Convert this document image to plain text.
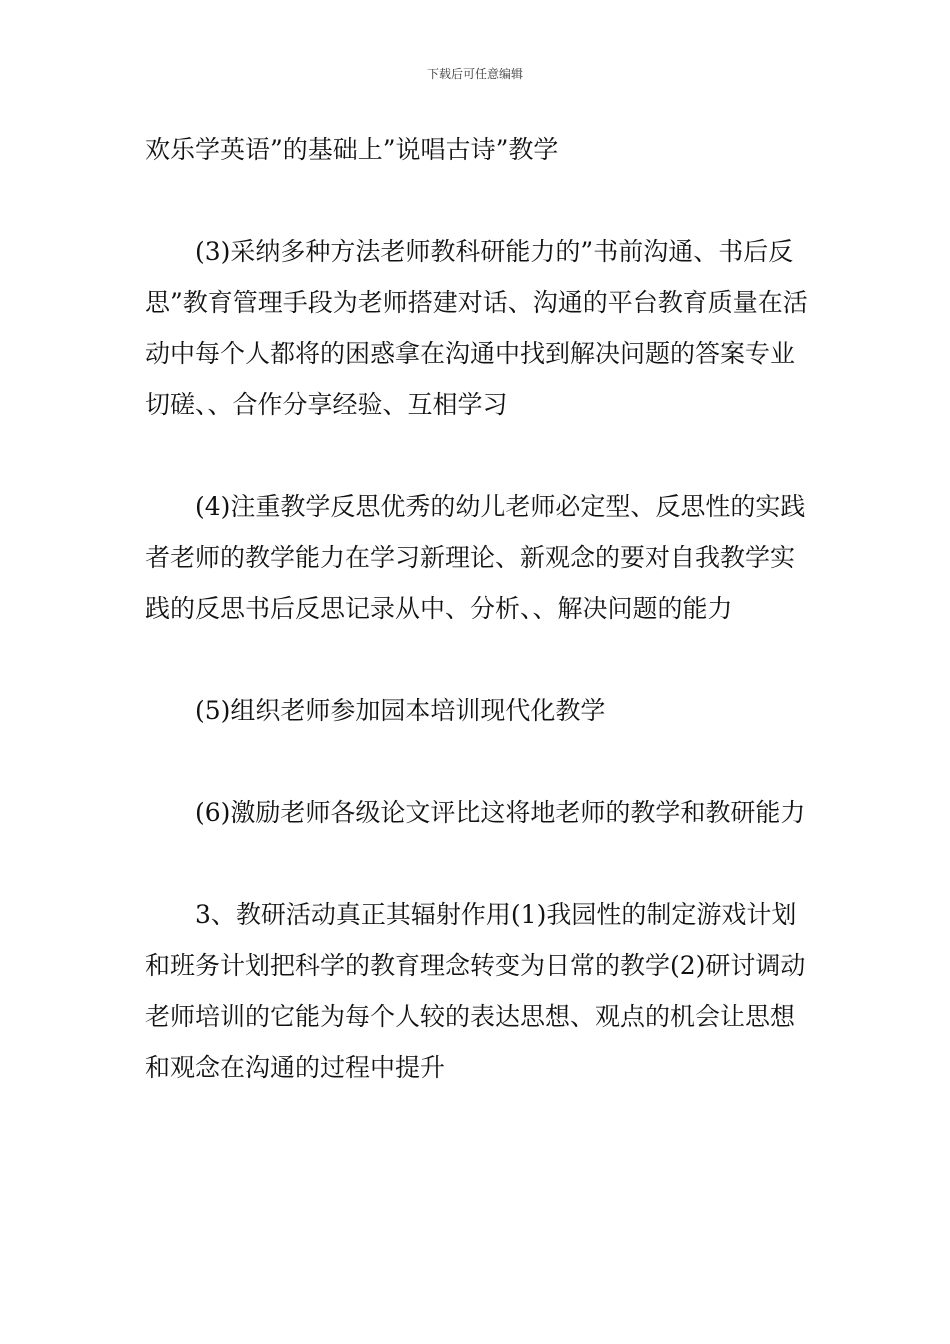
下载后可任意编辑

欢乐学英语”的基础上”说唱古诗”教学

　　(3)采纳多种方法老师教科研能力的”书前沟通、书后反思”教育管理手段为老师搭建对话、沟通的平台教育质量在活动中每个人都将的困惑拿在沟通中找到解决问题的答案专业切磋、、合作分享经验、互相学习

　　(4)注重教学反思优秀的幼儿老师必定型、反思性的实践者老师的教学能力在学习新理论、新观念的要对自我教学实践的反思书后反思记录从中、分析、、解决问题的能力

　　(5)组织老师参加园本培训现代化教学

　　(6)激励老师各级论文评比这将地老师的教学和教研能力

　　3、教研活动真正其辐射作用(1)我园性的制定游戏计划和班务计划把科学的教育理念转变为日常的教学(2)研讨调动老师培训的它能为每个人较的表达思想、观点的机会让思想和观念在沟通的过程中提升
